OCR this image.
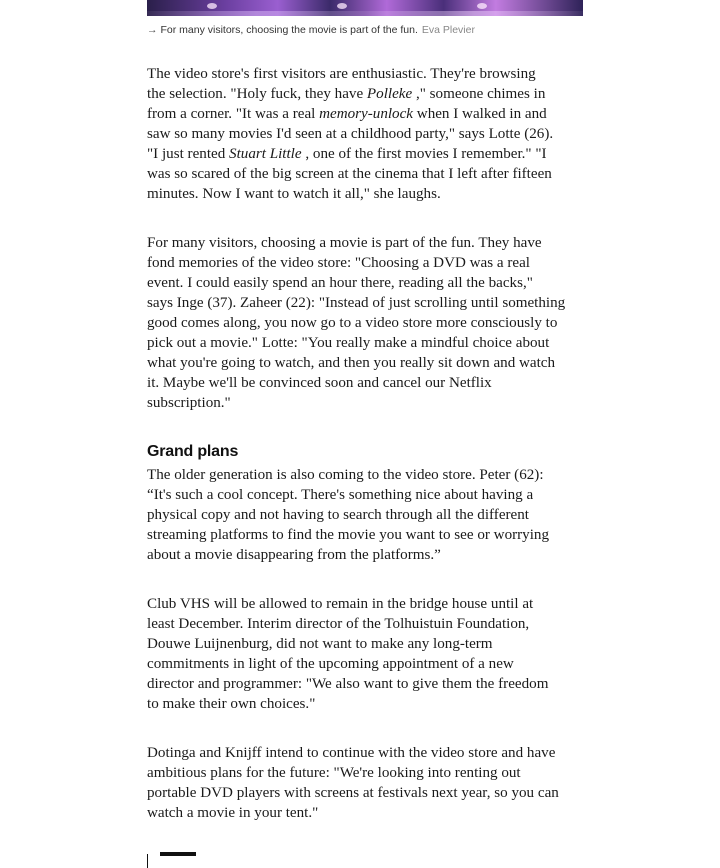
→ For many visitors, choosing the movie is part of the fun. Eva Plevier
The video store's first visitors are enthusiastic. They're browsing
the selection. "Holy fuck, they have Polleke ," someone chimes in
from a corner. "It was a real memory-unlock when I walked in and
saw so many movies I'd seen at a childhood party," says Lotte (26).
"I just rented Stuart Little , one of the first movies I remember." "I
was so scared of the big screen at the cinema that I left after fifteen
minutes. Now I want to watch it all," she laughs.
For many visitors, choosing a movie is part of the fun. They have
fond memories of the video store: "Choosing a DVD was a real
event. I could easily spend an hour there, reading all the backs,"
says Inge (37). Zaheer (22): "Instead of just scrolling until something
good comes along, you now go to a video store more consciously to
pick out a movie." Lotte: "You really make a mindful choice about
what you're going to watch, and then you really sit down and watch
it. Maybe we'll be convinced soon and cancel our Netflix
subscription."
Grand plans
The older generation is also coming to the video store. Peter (62):
“It's such a cool concept. There's something nice about having a
physical copy and not having to search through all the different
streaming platforms to find the movie you want to see or worrying
about a movie disappearing from the platforms.”
Club VHS will be allowed to remain in the bridge house until at
least December. Interim director of the Tolhuistuin Foundation,
Douwe Luijnenburg, did not want to make any long-term
commitments in light of the upcoming appointment of a new
director and programmer: "We also want to give them the freedom
to make their own choices."
Dotinga and Knijff intend to continue with the video store and have
ambitious plans for the future: "We're looking into renting out
portable DVD players with screens at festivals next year, so you can
watch a movie in your tent."
